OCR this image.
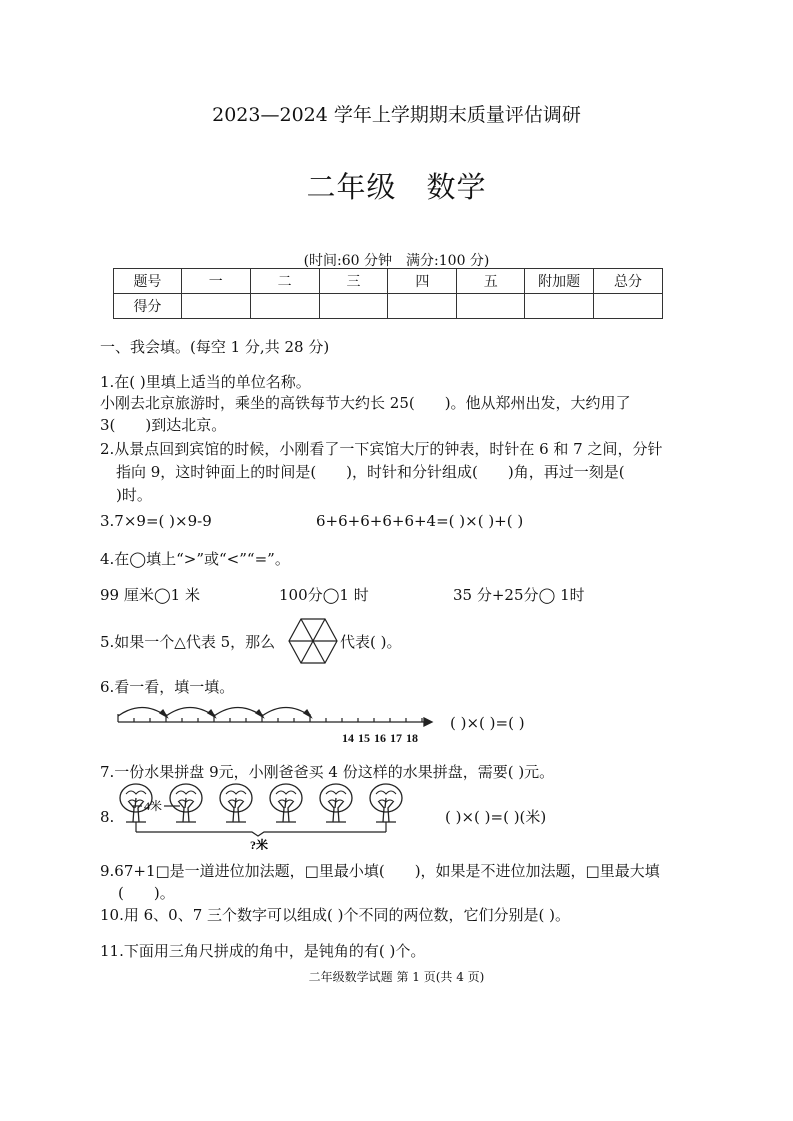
2023—2024 学年上学期期末质量评估调研
二年级　数学
(时间:60 分钟　满分:100 分)
题号	一	二	三	四	五	附加题	总分
得分							
一、我会填。(每空 1 分,共 28 分)
1.在( )里填上适当的单位名称。
小刚去北京旅游时，乘坐的高铁每节大约长 25(　　)。他从郑州出发，大约用了
3(　　)到达北京。
2.从景点回到宾馆的时候，小刚看了一下宾馆大厅的钟表，时针在 6 和 7 之间，分针
指向 9，这时钟面上的时间是(　　)，时针和分针组成(　　)角，再过一刻是(
)时。
3.7×9=( )×9-9	6+6+6+6+6+4=( )×( )+( )
4.在◯填上“>”或“<”“=”。
99 厘米◯1 米	100分◯1 时	35 分+25分◯ 1时
5.如果一个△代表 5，那么	代表( )。
6.看一看，填一填。
14 15 16 17 18
( )×( )=( )
7.一份水果拼盘 9元，小刚爸爸买 4 份这样的水果拼盘，需要( )元。
8.
4米
?米
( )×( )=( )(米)
9.67+1□是一道进位加法题，□里最小填(　　)，如果是不进位加法题，□里最大填
(　　)。
10.用 6、0、7 三个数字可以组成( )个不同的两位数，它们分别是( )。
11.下面用三角尺拼成的角中，是钝角的有( )个。
二年级数学试题 第 1 页(共 4 页)
